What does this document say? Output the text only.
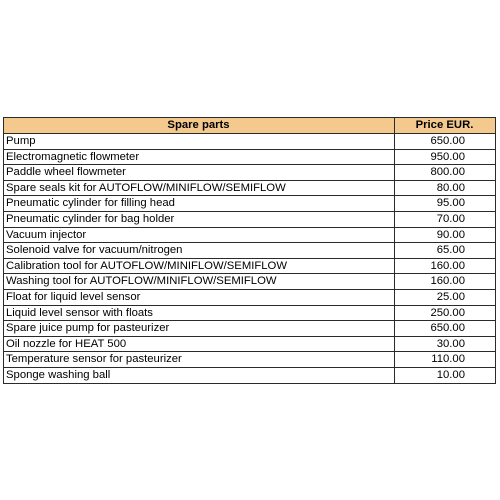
Spare parts	Price EUR.
Pump	650.00
Electromagnetic flowmeter	950.00
Paddle wheel flowmeter	800.00
Spare seals kit for AUTOFLOW/MINIFLOW/SEMIFLOW	80.00
Pneumatic cylinder for filling head	95.00
Pneumatic cylinder for bag holder	70.00
Vacuum injector	90.00
Solenoid valve for vacuum/nitrogen	65.00
Calibration tool for AUTOFLOW/MINIFLOW/SEMIFLOW	160.00
Washing tool for AUTOFLOW/MINIFLOW/SEMIFLOW	160.00
Float for liquid level sensor	25.00
Liquid level sensor with floats	250.00
Spare juice pump for pasteurizer	650.00
Oil nozzle for HEAT 500	30.00
Temperature sensor for pasteurizer	110.00
Sponge washing ball	10.00
